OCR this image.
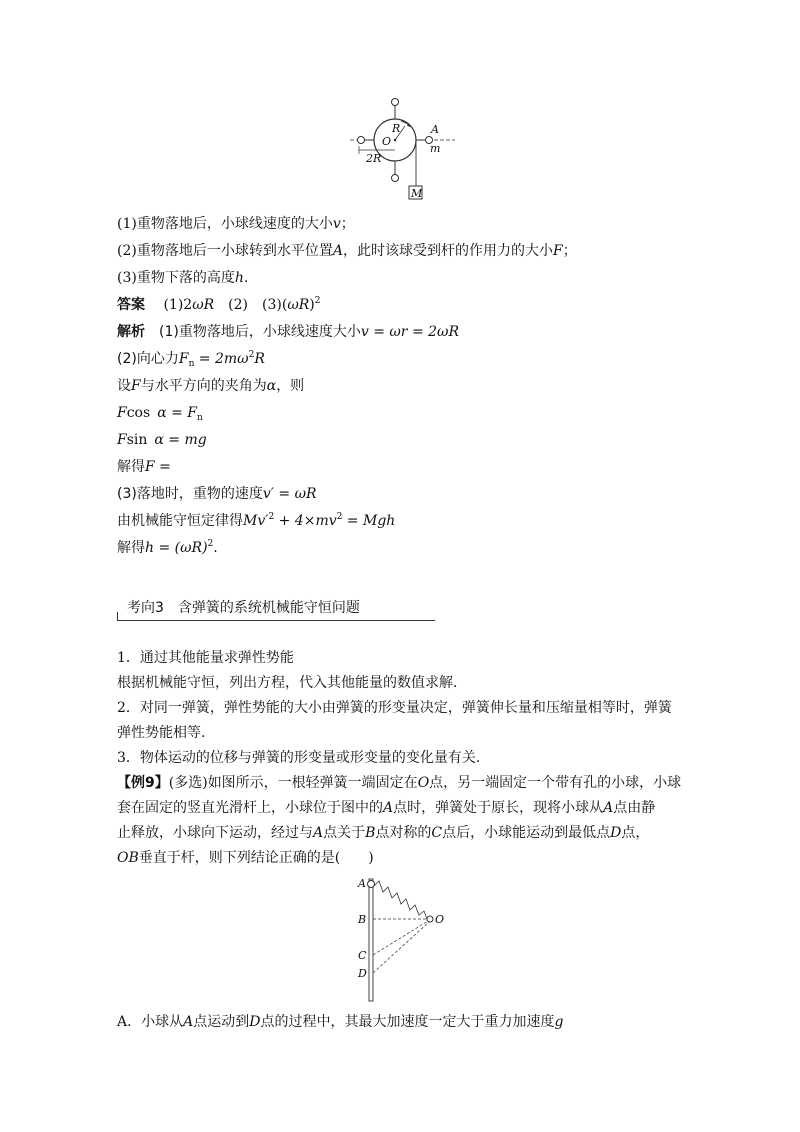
R
O
2R
A
m
M
(1)重物落地后，小球线速度的大小v；
(2)重物落地后一小球转到水平位置A，此时该球受到杆的作用力的大小F；
(3)重物下落的高度h.
答案　 (1)2ωR　 (2)　 $(3)(\omega R)^2$
解析　 (1)重物落地后，小球线速度大小v = ωr = 2ωR
(2)向心力$F_n = 2m\omega^2R$
设F与水平方向的夹角为α，则
Fcos  $\alpha = F_n$
Fsin  α = mg
解得F =
(3)落地时，重物的速度v′ = ωR
由机械能守恒定律得$Mv'^2 + 4\times mv^2$ = Mgh
解得$h = (\omega R)^2$.
考向3　含弹簧的系统机械能守恒问题
1．通过其他能量求弹性势能
根据机械能守恒，列出方程，代入其他能量的数值求解.
2．对同一弹簧，弹性势能的大小由弹簧的形变量决定，弹簧伸长量和压缩量相等时，弹簧
弹性势能相等.
3．物体运动的位移与弹簧的形变量或形变量的变化量有关.
【例9】(多选)如图所示，一根轻弹簧一端固定在O点，另一端固定一个带有孔的小球，小球
套在固定的竖直光滑杆上，小球位于图中的A点时，弹簧处于原长，现将小球从A点由静
止释放，小球向下运动，经过与A点关于B点对称的C点后，小球能运动到最低点D点，
OB垂直于杆，则下列结论正确的是(　　)
A
B	O
C
D
A．小球从A点运动到D点的过程中，其最大加速度一定大于重力加速度g
